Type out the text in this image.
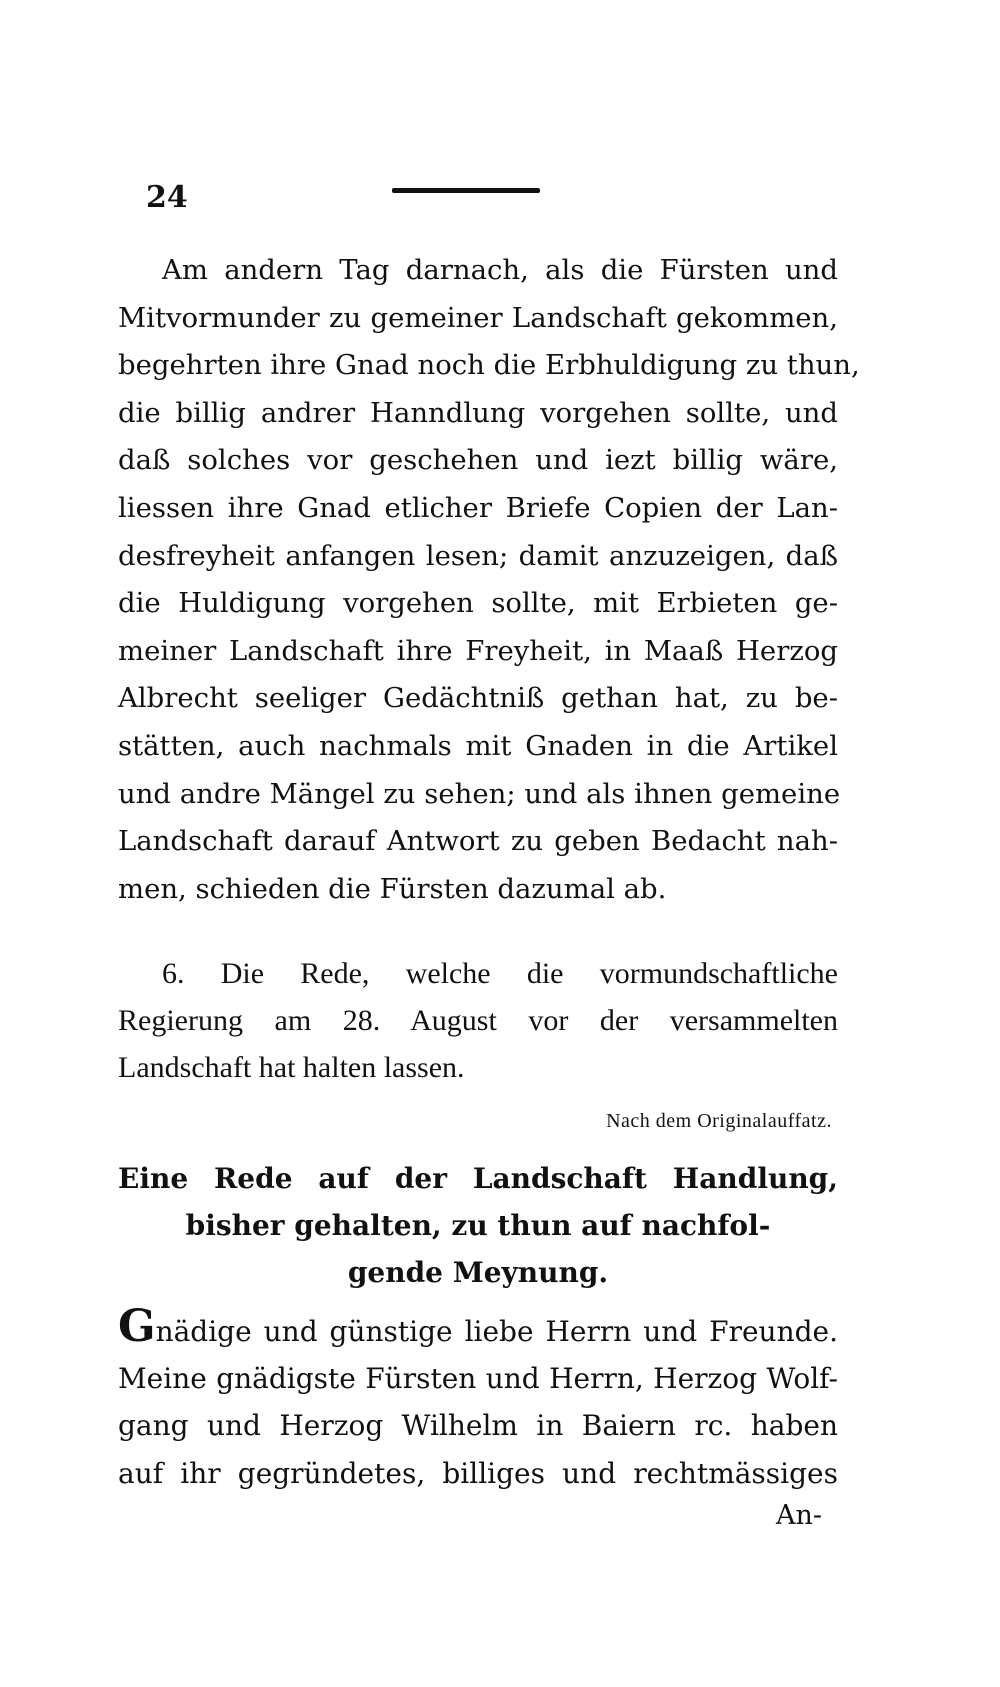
24
Am andern Tag darnach, als die Fürsten und
Mitvormunder zu gemeiner Landschaft gekommen,
begehrten ihre Gnad noch die Erbhuldigung zu thun,
die billig andrer Hanndlung vorgehen sollte, und
daß solches vor geschehen und iezt billig wäre,
liessen ihre Gnad etlicher Briefe Copien der Lan-
desfreyheit anfangen lesen; damit anzuzeigen, daß
die Huldigung vorgehen sollte, mit Erbieten ge-
meiner Landschaft ihre Freyheit, in Maaß Herzog
Albrecht seeliger Gedächtniß gethan hat, zu be-
stätten, auch nachmals mit Gnaden in die Artikel
und andre Mängel zu sehen; und als ihnen gemeine
Landschaft darauf Antwort zu geben Bedacht nah-
men, schieden die Fürsten dazumal ab.
6. Die Rede, welche die vormundschaftliche
Regierung am 28. August vor der versammelten
Landschaft hat halten lassen.
Nach dem Originalauffatz.
Eine Rede auf der Landschaft Handlung,
bisher gehalten, zu thun auf nachfol-
gende Meynung.
Gnädige und günstige liebe Herrn und Freunde.
Meine gnädigste Fürsten und Herrn, Herzog Wolf-
gang und Herzog Wilhelm in Baiern rc. haben
auf ihr gegründetes, billiges und rechtmässiges
An-
